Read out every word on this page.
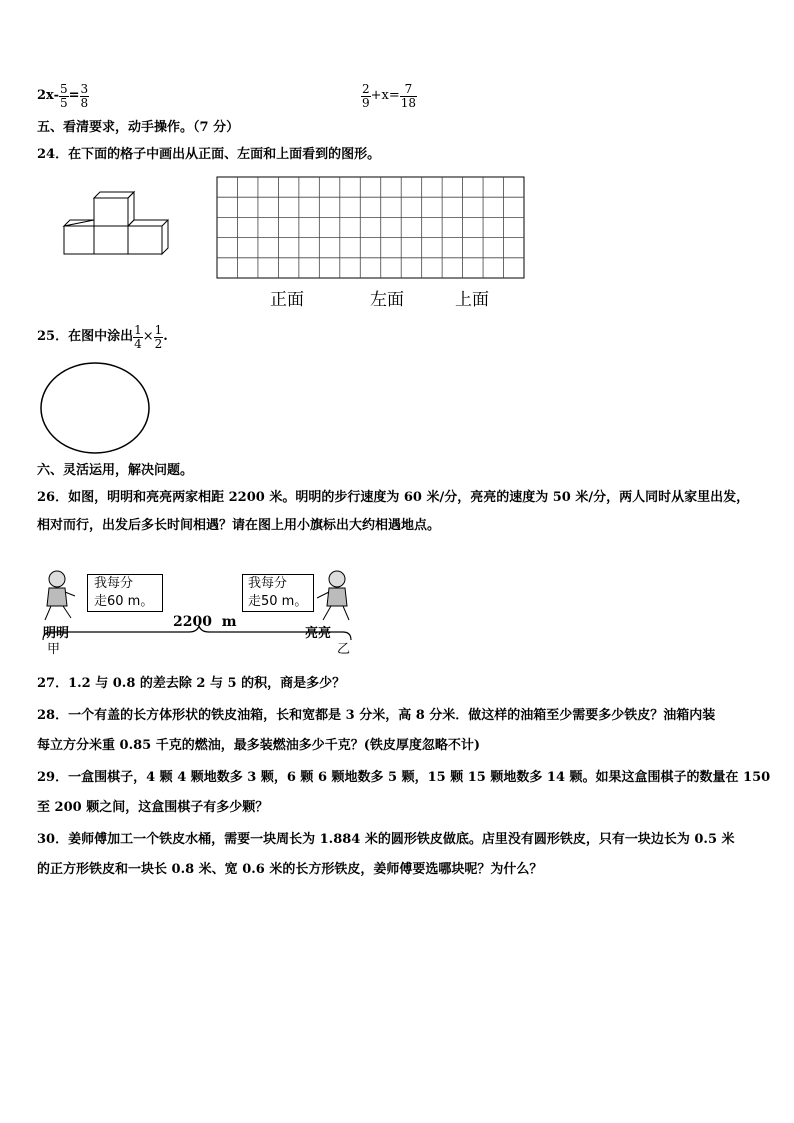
$2x- \frac{5}{5} = \frac{3}{8}$	$\frac{2}{9} +x= \frac{7}{18}$
五、看清要求，动手操作。（7 分）
24．在下面的格子中画出从正面、左面和上面看到的图形。
正面	左面	上面
25．在图中涂出 $\frac{1}{4} \times \frac{1}{2}$ .
六、灵活运用，解决问题。
26．如图，明明和亮亮两家相距 2200 米。明明的步行速度为 60 米/分，亮亮的速度为 50 米/分，两人同时从家里出发，
相对而行，出发后多长时间相遇？请在图上用小旗标出大约相遇地点。
我每分
走60 m。
我每分
走50 m。
2200  m
明明	亮亮
甲	乙
27．1.2 与 0.8 的差去除 2 与 5 的积，商是多少？
28．一个有盖的长方体形状的铁皮油箱，长和宽都是 3 分米，高 8 分米．做这样的油箱至少需要多少铁皮？油箱内装
每立方分米重 0.85 千克的燃油，最多装燃油多少千克？(铁皮厚度忽略不计)
29．一盒围棋子，4 颗 4 颗地数多 3 颗，6 颗 6 颗地数多 5 颗，15 颗 15 颗地数多 14 颗。如果这盒围棋子的数量在 150
至 200 颗之间，这盒围棋子有多少颗？
30．姜师傅加工一个铁皮水桶，需要一块周长为 1.884 米的圆形铁皮做底。店里没有圆形铁皮，只有一块边长为 0.5 米
的正方形铁皮和一块长 0.8 米、宽 0.6 米的长方形铁皮，姜师傅要选哪块呢？为什么？
